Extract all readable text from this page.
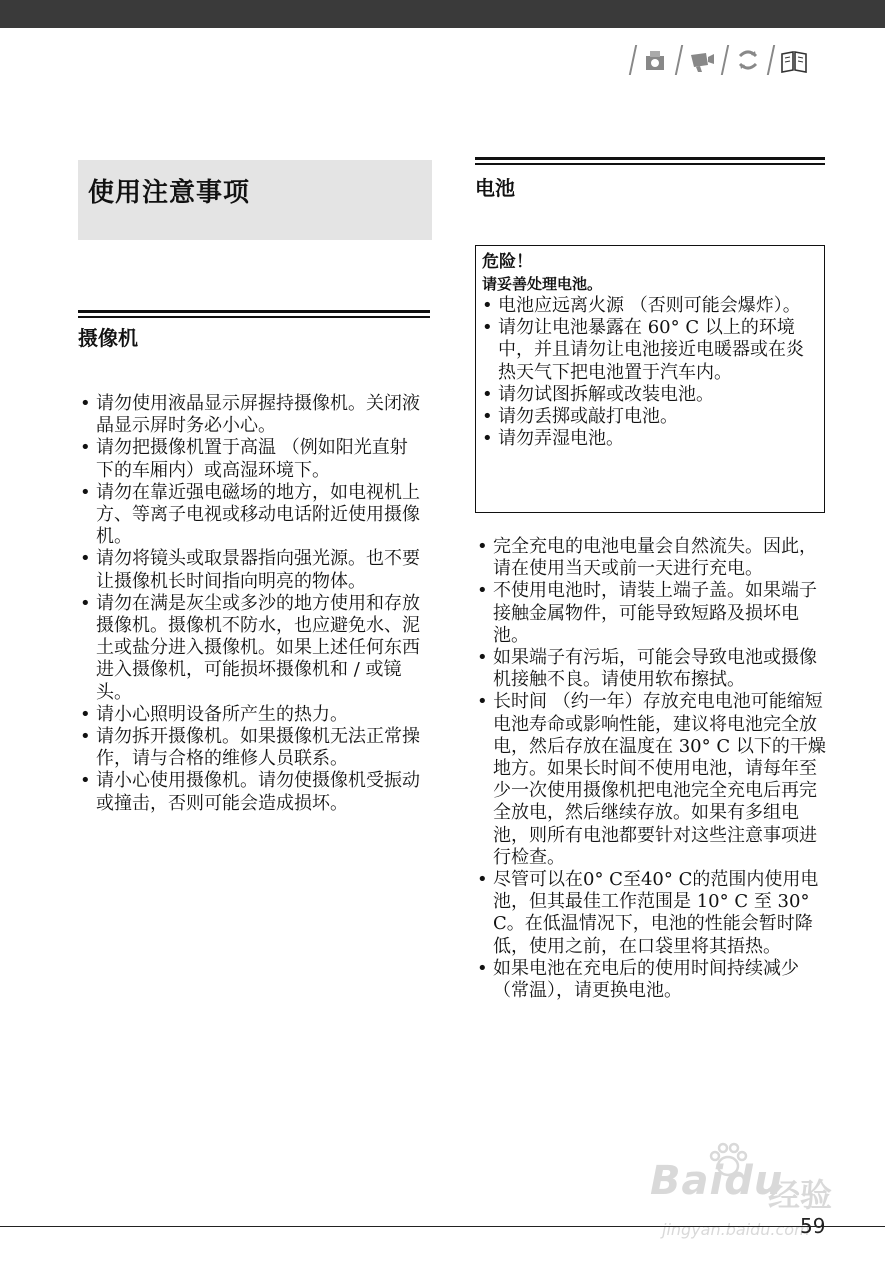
使用注意事项
摄像机
• 请勿使用液晶显示屏握持摄像机。关闭液晶显示屏时务必小心。
• 请勿把摄像机置于高温 （例如阳光直射下的车厢内）或高湿环境下。
• 请勿在靠近强电磁场的地方，如电视机上方、等离子电视或移动电话附近使用摄像机。
• 请勿将镜头或取景器指向强光源。也不要让摄像机长时间指向明亮的物体。
• 请勿在满是灰尘或多沙的地方使用和存放摄像机。摄像机不防水，也应避免水、泥土或盐分进入摄像机。如果上述任何东西进入摄像机，可能损坏摄像机和 / 或镜头。
• 请小心照明设备所产生的热力。
• 请勿拆开摄像机。如果摄像机无法正常操作，请与合格的维修人员联系。
• 请小心使用摄像机。请勿使摄像机受振动或撞击，否则可能会造成损坏。
电池
危险！
请妥善处理电池。
• 电池应远离火源 （否则可能会爆炸）。
• 请勿让电池暴露在 60° C 以上的环境中，并且请勿让电池接近电暖器或在炎热天气下把电池置于汽车内。
• 请勿试图拆解或改装电池。
• 请勿丢掷或敲打电池。
• 请勿弄湿电池。
• 完全充电的电池电量会自然流失。因此，请在使用当天或前一天进行充电。
• 不使用电池时，请装上端子盖。如果端子接触金属物件，可能导致短路及损坏电池。
• 如果端子有污垢，可能会导致电池或摄像机接触不良。请使用软布擦拭。
• 长时间 （约一年）存放充电电池可能缩短电池寿命或影响性能，建议将电池完全放电，然后存放在温度在 30° C 以下的干燥地方。如果长时间不使用电池，请每年至少一次使用摄像机把电池完全充电后再完全放电，然后继续存放。如果有多组电池，则所有电池都要针对这些注意事项进行检查。
• 尽管可以在0° C至40° C的范围内使用电池，但其最佳工作范围是 10° C 至 30° C。在低温情况下，电池的性能会暂时降低，使用之前，在口袋里将其捂热。
• 如果电池在充电后的使用时间持续减少 （常温），请更换电池。
Baidu
经验
jingyan.baidu.com
59
